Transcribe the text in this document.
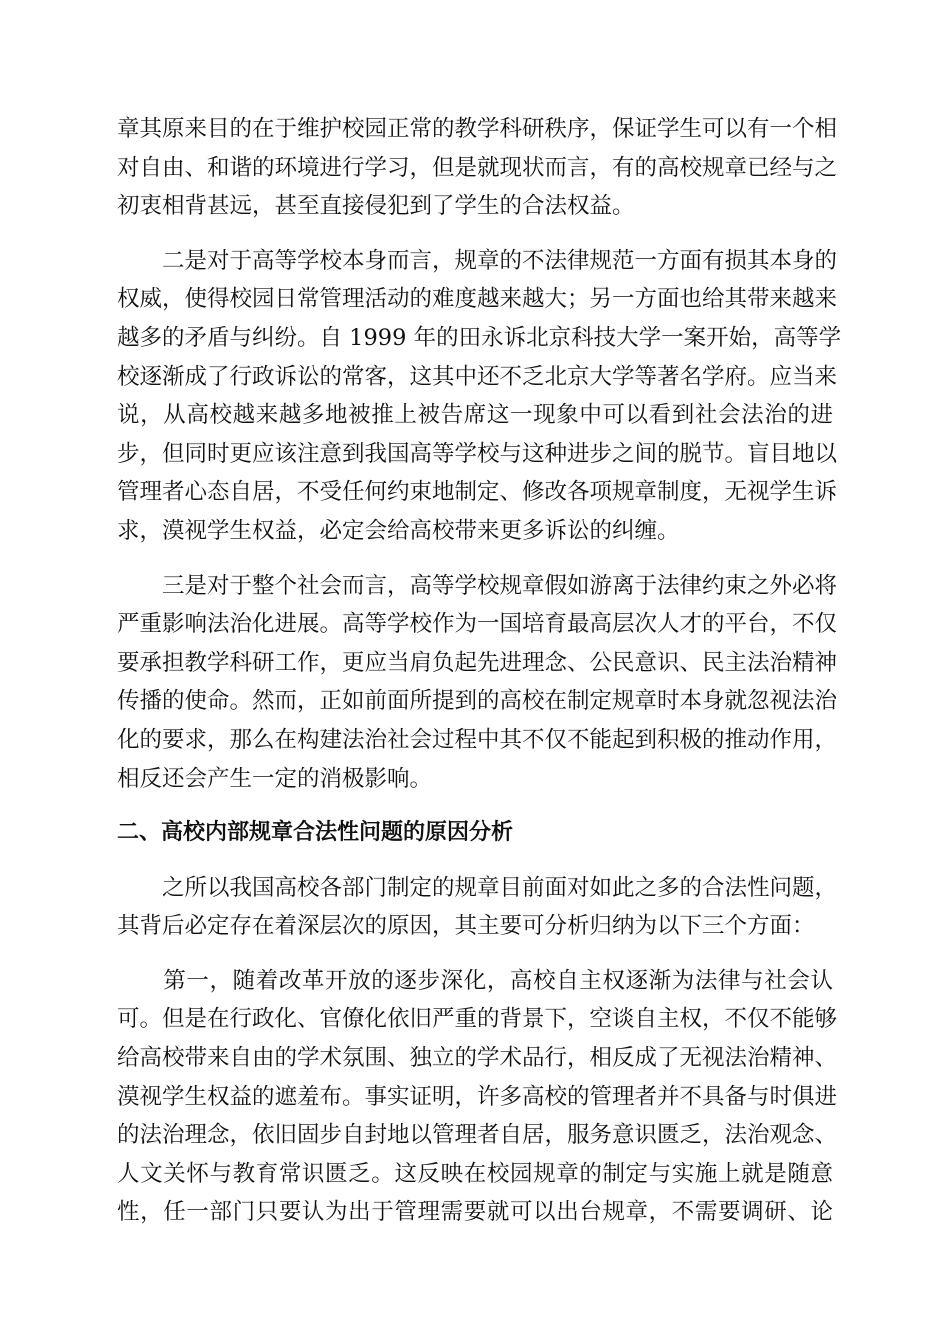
章其原来目的在于维护校园正常的教学科研秩序，保证学生可以有一个相
对自由、和谐的环境进行学习，但是就现状而言，有的高校规章已经与之
初衷相背甚远，甚至直接侵犯到了学生的合法权益。
　　二是对于高等学校本身而言，规章的不法律规范一方面有损其本身的
权威，使得校园日常管理活动的难度越来越大；另一方面也给其带来越来
越多的矛盾与纠纷。自 1999 年的田永诉北京科技大学一案开始，高等学
校逐渐成了行政诉讼的常客，这其中还不乏北京大学等著名学府。应当来
说，从高校越来越多地被推上被告席这一现象中可以看到社会法治的进
步，但同时更应该注意到我国高等学校与这种进步之间的脱节。盲目地以
管理者心态自居，不受任何约束地制定、修改各项规章制度，无视学生诉
求，漠视学生权益，必定会给高校带来更多诉讼的纠缠。
　　三是对于整个社会而言，高等学校规章假如游离于法律约束之外必将
严重影响法治化进展。高等学校作为一国培育最高层次人才的平台，不仅
要承担教学科研工作，更应当肩负起先进理念、公民意识、民主法治精神
传播的使命。然而，正如前面所提到的高校在制定规章时本身就忽视法治
化的要求，那么在构建法治社会过程中其不仅不能起到积极的推动作用，
相反还会产生一定的消极影响。
二、高校内部规章合法性问题的原因分析
　　之所以我国高校各部门制定的规章目前面对如此之多的合法性问题，
其背后必定存在着深层次的原因，其主要可分析归纳为以下三个方面：
　　第一，随着改革开放的逐步深化，高校自主权逐渐为法律与社会认
可。但是在行政化、官僚化依旧严重的背景下，空谈自主权，不仅不能够
给高校带来自由的学术氛围、独立的学术品行，相反成了无视法治精神、
漠视学生权益的遮羞布。事实证明，许多高校的管理者并不具备与时俱进
的法治理念，依旧固步自封地以管理者自居，服务意识匮乏，法治观念、
人文关怀与教育常识匮乏。这反映在校园规章的制定与实施上就是随意
性，任一部门只要认为出于管理需要就可以出台规章，不需要调研、论
